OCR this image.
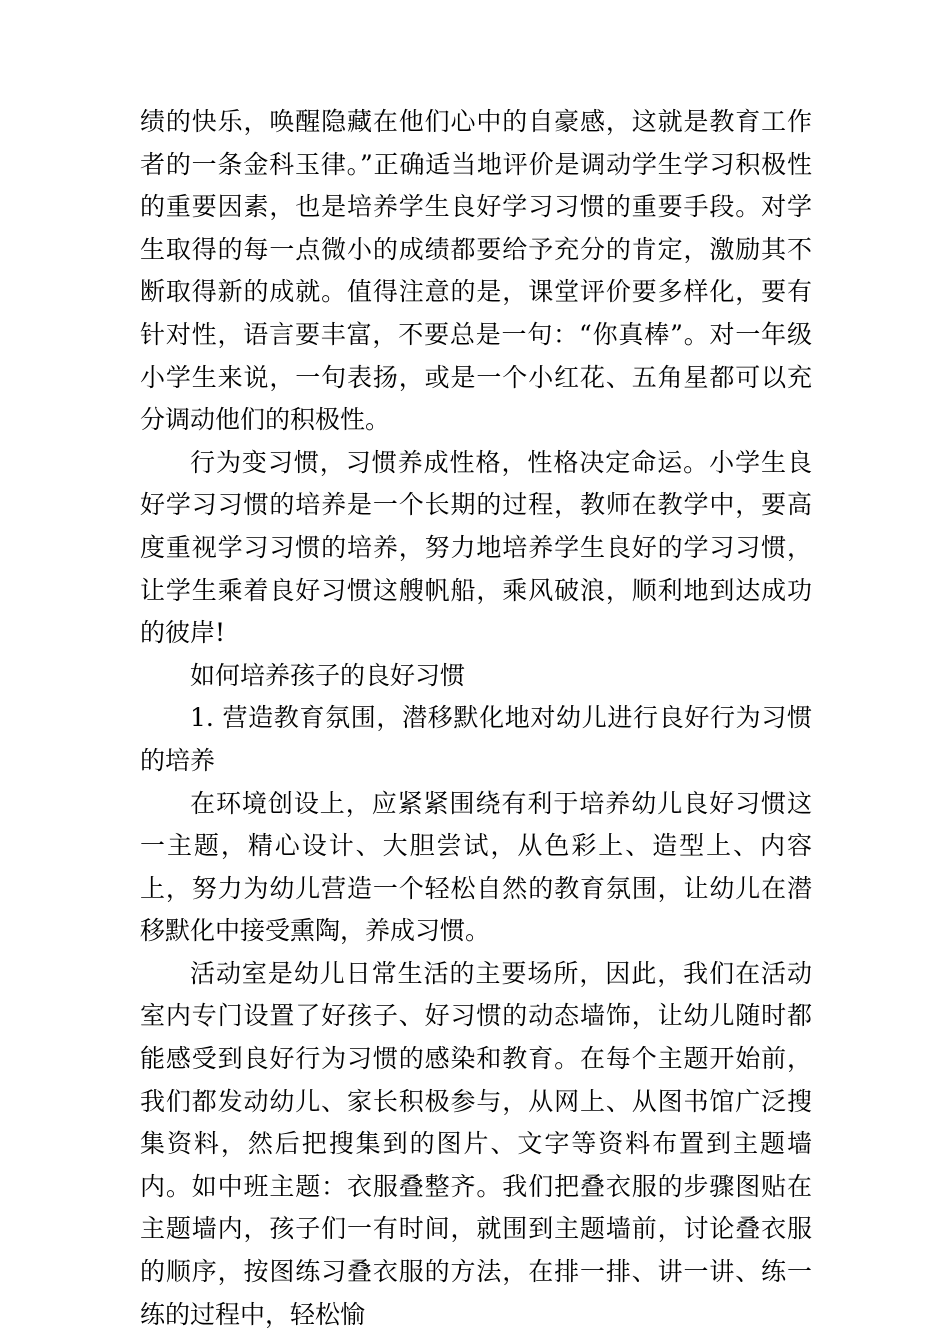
绩的快乐，唤醒隐藏在他们心中的自豪感，这就是教育工作者的一条金科玉律。”正确适当地评价是调动学生学习积极性的重要因素，也是培养学生良好学习习惯的重要手段。对学生取得的每一点微小的成绩都要给予充分的肯定，激励其不断取得新的成就。值得注意的是，课堂评价要多样化，要有针对性，语言要丰富，不要总是一句：“你真棒”。对一年级小学生来说，一句表扬，或是一个小红花、五角星都可以充分调动他们的积极性。

行为变习惯，习惯养成性格，性格决定命运。小学生良好学习习惯的培养是一个长期的过程，教师在教学中，要高度重视学习习惯的培养，努力地培养学生良好的学习习惯，让学生乘着良好习惯这艘帆船，乘风破浪，顺利地到达成功的彼岸!

如何培养孩子的良好习惯

1. 营造教育氛围，潜移默化地对幼儿进行良好行为习惯的培养

在环境创设上，应紧紧围绕有利于培养幼儿良好习惯这一主题，精心设计、大胆尝试，从色彩上、造型上、内容上，努力为幼儿营造一个轻松自然的教育氛围，让幼儿在潜移默化中接受熏陶，养成习惯。

活动室是幼儿日常生活的主要场所，因此，我们在活动室内专门设置了好孩子、好习惯的动态墙饰，让幼儿随时都能感受到良好行为习惯的感染和教育。在每个主题开始前，我们都发动幼儿、家长积极参与，从网上、从图书馆广泛搜集资料，然后把搜集到的图片、文字等资料布置到主题墙内。如中班主题：衣服叠整齐。我们把叠衣服的步骤图贴在主题墙内，孩子们一有时间，就围到主题墙前，讨论叠衣服的顺序，按图练习叠衣服的方法，在排一排、讲一讲、练一练的过程中，轻松愉
